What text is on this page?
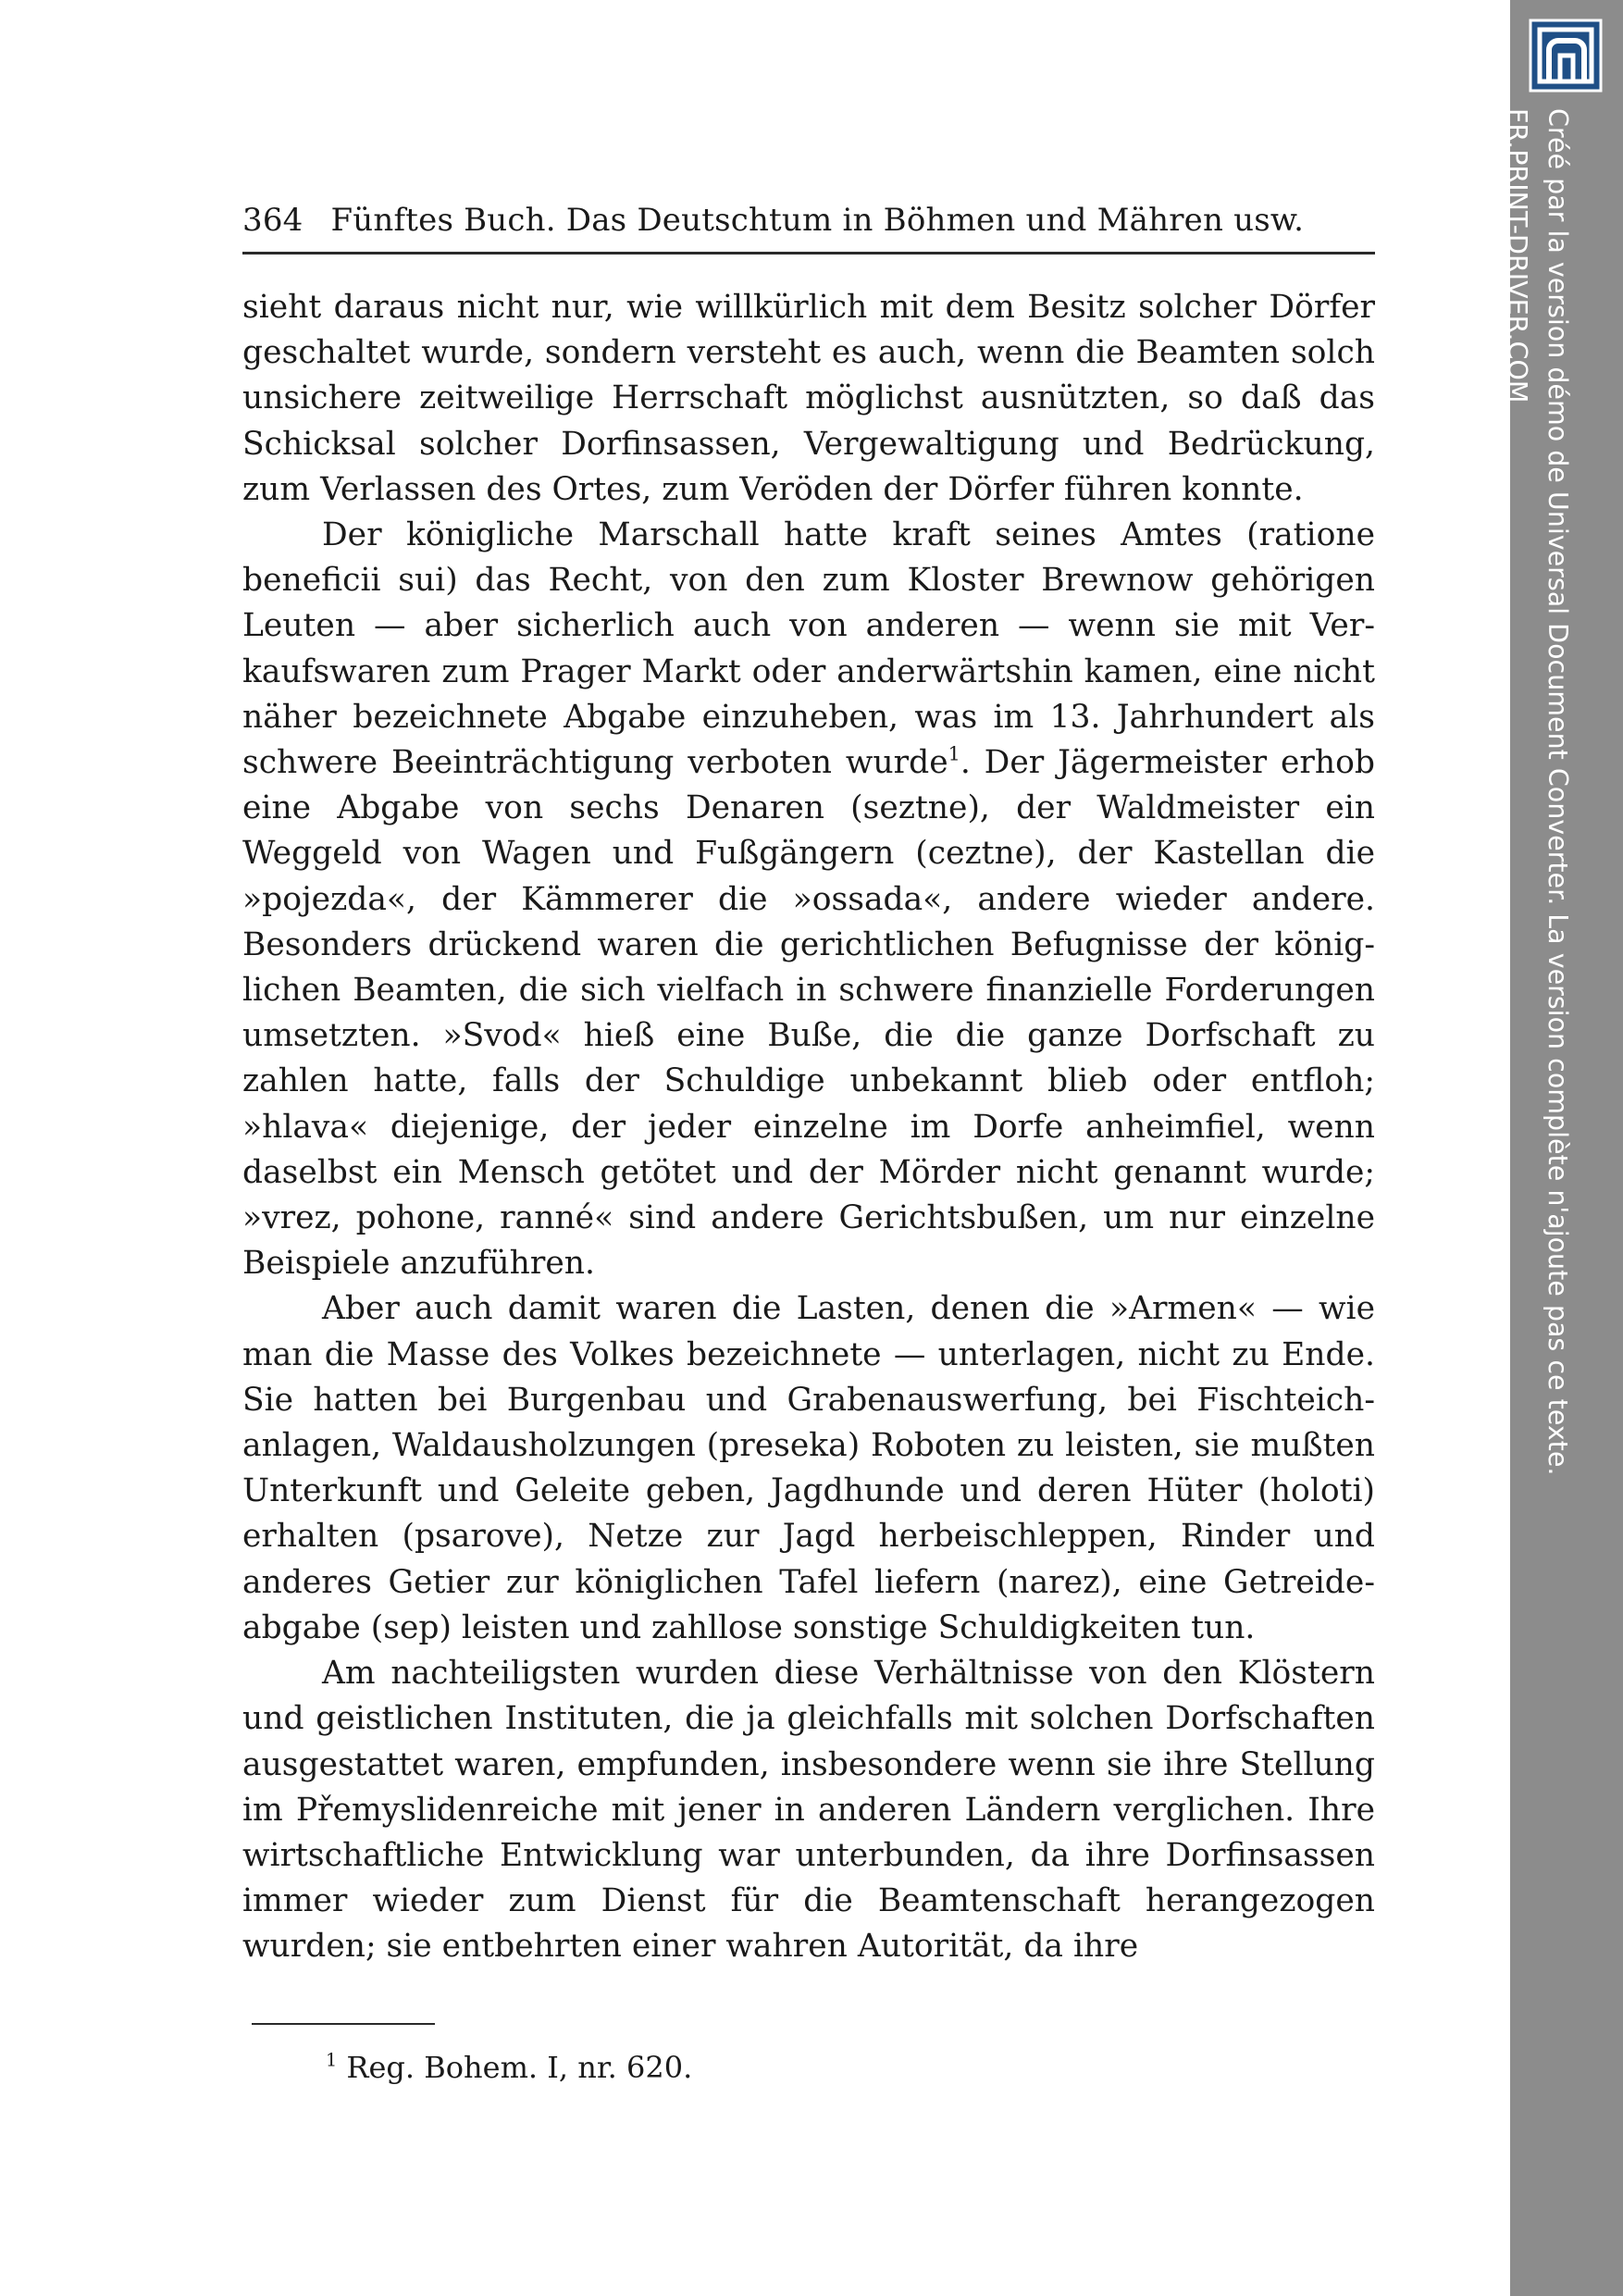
364 Fünftes Buch. Das Deutschtum in Böhmen und Mähren usw.

sieht daraus nicht nur, wie willkürlich mit dem Besitz solcher Dörfer geschaltet wurde, sondern versteht es auch, wenn die Beamten solch unsichere zeitweilige Herrschaft möglichst ausnützten, so daß das Schicksal solcher Dorfinsassen, Vergewaltigung und Bedrückung, zum Verlassen des Ortes, zum Veröden der Dörfer führen konnte.

Der königliche Marschall hatte kraft seines Amtes (ratione beneficii sui) das Recht, von den zum Kloster Brewnow gehörigen Leuten — aber sicherlich auch von anderen — wenn sie mit Verkaufswaren zum Prager Markt oder anderwärtshin kamen, eine nicht näher bezeichnete Abgabe einzuheben, was im 13. Jahrhundert als schwere Beeinträchtigung verboten wurde$^1$. Der Jägermeister erhob eine Abgabe von sechs Denaren (seztne), der Waldmeister ein Weggeld von Wagen und Fußgängern (ceztne), der Kastellan die »pojezda«, der Kämmerer die »ossada«, andere wieder andere. Besonders drückend waren die gerichtlichen Befugnisse der königlichen Beamten, die sich vielfach in schwere finanzielle Forderungen umsetzten. »Svod« hieß eine Buße, die die ganze Dorfschaft zu zahlen hatte, falls der Schuldige unbekannt blieb oder entfloh; »hlava« diejenige, der jeder einzelne im Dorfe anheimfiel, wenn daselbst ein Mensch getötet und der Mörder nicht genannt wurde; »vrez, pohone, ranné« sind andere Gerichtsbußen, um nur einzelne Beispiele anzuführen.

Aber auch damit waren die Lasten, denen die »Armen« — wie man die Masse des Volkes bezeichnete — unterlagen, nicht zu Ende. Sie hatten bei Burgenbau und Grabenauswerfung, bei Fischteichanlagen, Waldausholzungen (preseka) Roboten zu leisten, sie mußten Unterkunft und Geleite geben, Jagdhunde und deren Hüter (holoti) erhalten (psarove), Netze zur Jagd herbeischleppen, Rinder und anderes Getier zur königlichen Tafel liefern (narez), eine Getreideabgabe (sep) leisten und zahllose sonstige Schuldigkeiten tun.

Am nachteiligsten wurden diese Verhältnisse von den Klöstern und geistlichen Instituten, die ja gleichfalls mit solchen Dorfschaften ausgestattet waren, empfunden, insbesondere wenn sie ihre Stellung im Přemyslidenreiche mit jener in anderen Ländern verglichen. Ihre wirtschaftliche Entwicklung war unterbunden, da ihre Dorfinsassen immer wieder zum Dienst für die Beamtenschaft herangezogen wurden; sie entbehrten einer wahren Autorität, da ihre

$^1$ Reg. Bohem. I, nr. 620.
Créé par la version démo de Universal Document Converter. La version complète n'ajoute pas ce texte.
FR.PRINT-DRIVER.COM
